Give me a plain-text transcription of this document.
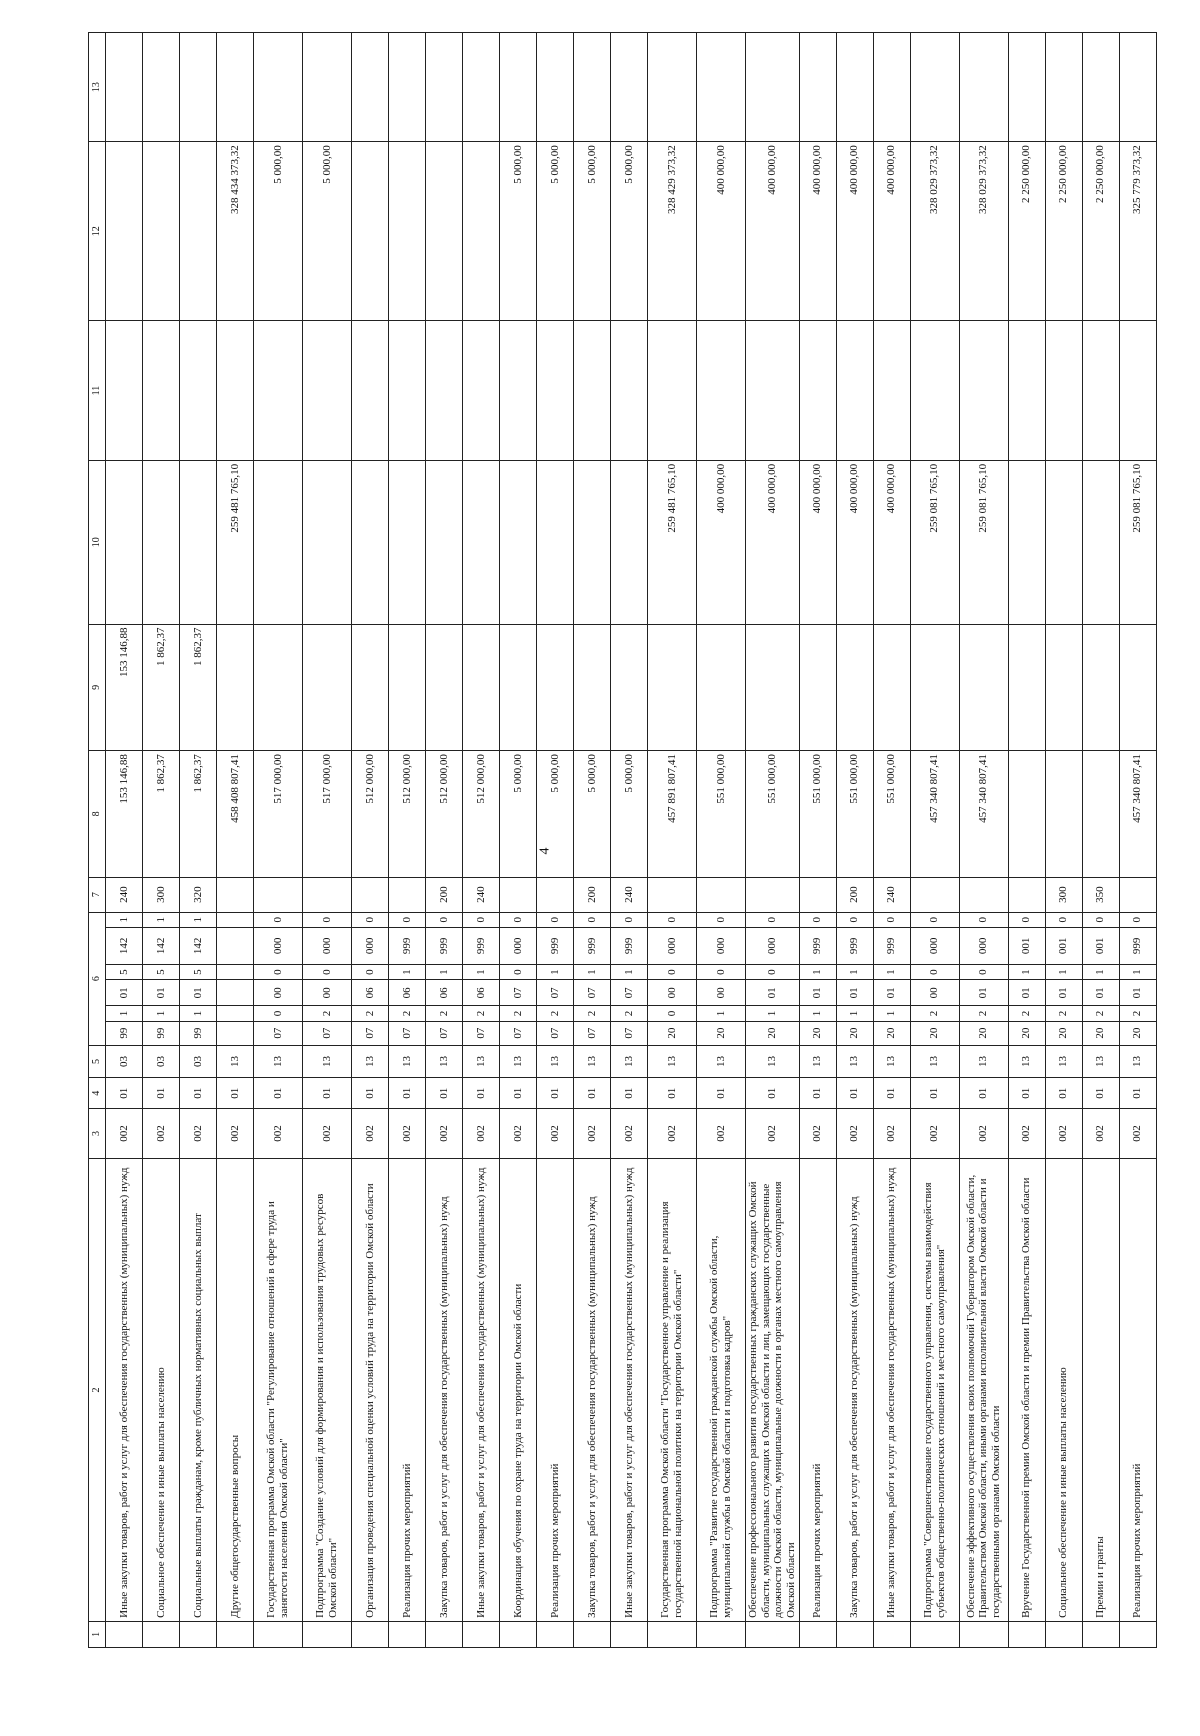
4
1	2	3	4	5	6						7	8	9	10	11	12	13
	Иные закупки товаров, работ и услуг для обеспечения государственных (муниципальных) нужд	002	01	03	99	1	01	5	142	1	240	153 146,88	153 146,88				
	Социальное обеспечение и иные выплаты населению	002	01	03	99	1	01	5	142	1	300	1 862,37	1 862,37				
	Социальные выплаты гражданам, кроме публичных нормативных социальных выплат	002	01	03	99	1	01	5	142	1	320	1 862,37	1 862,37				
	Другие общегосударственные вопросы	002	01	13								458 408 807,41		259 481 765,10		328 434 373,32	
	Государственная программа Омской области "Регулирование отношений в сфере труда и занятости населения Омской области"	002	01	13	07	0	00	0	000	0		517 000,00				5 000,00	
	Подпрограмма "Создание условий для формирования и использования трудовых ресурсов Омской области"	002	01	13	07	2	00	0	000	0		517 000,00				5 000,00	
	Организация проведения специальной оценки условий труда на территории Омской области	002	01	13	07	2	06	0	000	0		512 000,00					
	Реализация прочих мероприятий	002	01	13	07	2	06	1	999	0		512 000,00					
	Закупка товаров, работ и услуг для обеспечения государственных (муниципальных) нужд	002	01	13	07	2	06	1	999	0	200	512 000,00					
	Иные закупки товаров, работ и услуг для обеспечения государственных (муниципальных) нужд	002	01	13	07	2	06	1	999	0	240	512 000,00					
	Координация обучения по охране труда на территории Омской области	002	01	13	07	2	07	0	000	0		5 000,00				5 000,00	
	Реализация прочих мероприятий	002	01	13	07	2	07	1	999	0		5 000,00				5 000,00	
	Закупка товаров, работ и услуг для обеспечения государственных (муниципальных) нужд	002	01	13	07	2	07	1	999	0	200	5 000,00				5 000,00	
	Иные закупки товаров, работ и услуг для обеспечения государственных (муниципальных) нужд	002	01	13	07	2	07	1	999	0	240	5 000,00				5 000,00	
	Государственная программа Омской области "Государственное управление и реализация государственной национальной политики на территории Омской области"	002	01	13	20	0	00	0	000	0		457 891 807,41		259 481 765,10		328 429 373,32	
	Подпрограмма "Развитие государственной гражданской службы Омской области, муниципальной службы в Омской области и подготовка кадров"	002	01	13	20	1	00	0	000	0		551 000,00		400 000,00		400 000,00	
	Обеспечение профессионального развития государственных гражданских служащих Омской области, муниципальных служащих в Омской области и лиц, замещающих государственные должности Омской области, муниципальные должности в органах местного самоуправления Омской области	002	01	13	20	1	01	0	000	0		551 000,00		400 000,00		400 000,00	
	Реализация прочих мероприятий	002	01	13	20	1	01	1	999	0		551 000,00		400 000,00		400 000,00	
	Закупка товаров, работ и услуг для обеспечения государственных (муниципальных) нужд	002	01	13	20	1	01	1	999	0	200	551 000,00		400 000,00		400 000,00	
	Иные закупки товаров, работ и услуг для обеспечения государственных (муниципальных) нужд	002	01	13	20	1	01	1	999	0	240	551 000,00		400 000,00		400 000,00	
	Подпрограмма "Совершенствование государственного управления, системы взаимодействия субъектов общественно-политических отношений и местного самоуправления"	002	01	13	20	2	00	0	000	0		457 340 807,41		259 081 765,10		328 029 373,32	
	Обеспечение эффективного осуществления своих полномочий Губернатором Омской области, Правительством Омской области, иными органами исполнительной власти Омской области и государственными органами Омской области	002	01	13	20	2	01	0	000	0		457 340 807,41		259 081 765,10		328 029 373,32	
	Вручение Государственной премии Омской области и премии Правительства Омской области	002	01	13	20	2	01	1	001	0						2 250 000,00	
	Социальное обеспечение и иные выплаты населению	002	01	13	20	2	01	1	001	0	300					2 250 000,00	
	Премии и гранты	002	01	13	20	2	01	1	001	0	350					2 250 000,00	
	Реализация прочих мероприятий	002	01	13	20	2	01	1	999	0		457 340 807,41		259 081 765,10		325 779 373,32	
